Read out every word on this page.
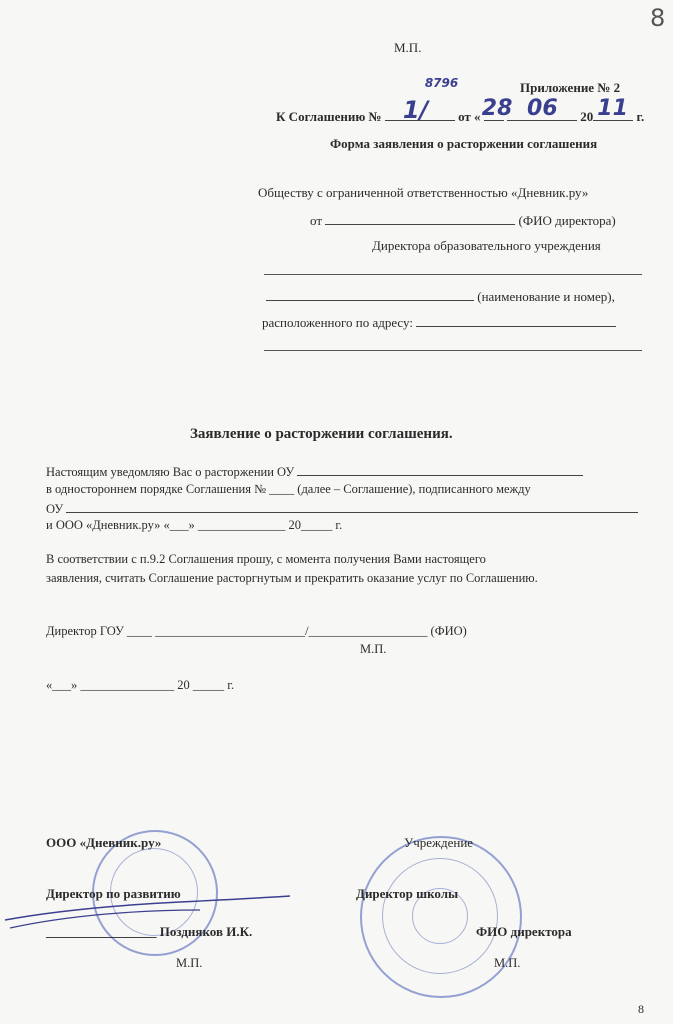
8
М.П.
Приложение № 2
К Соглашению № 1/
8796
от « 28
06 20 11 г.
Форма заявления о расторжении соглашения
Обществу с ограниченной ответственностью «Дневник.ру»
от	(ФИО директора)
Директора образовательного учреждения
(наименование и номер),
расположенного по адресу:
Заявление о расторжении соглашения.
Настоящим уведомляю Вас о расторжении ОУ
в одностороннем порядке Соглашения № ____ (далее – Соглашение), подписанного между
ОУ
и ООО «Дневник.ру» «___» ______________ 20_____ г.
В соответствии с п.9.2 Соглашения прошу, с момента получения Вами настоящего
заявления, считать Соглашение расторгнутым и прекратить оказание услуг по Соглашению.
Директор ГОУ ____ ________________________/___________________ (ФИО)
М.П.
«___» _______________ 20 _____ г.
ООО «Дневник.ру»	Учреждение
Директор по развитию	Директор школы
_________________ Поздняков И.К.	ФИО директора
М.П.	М.П.
8
